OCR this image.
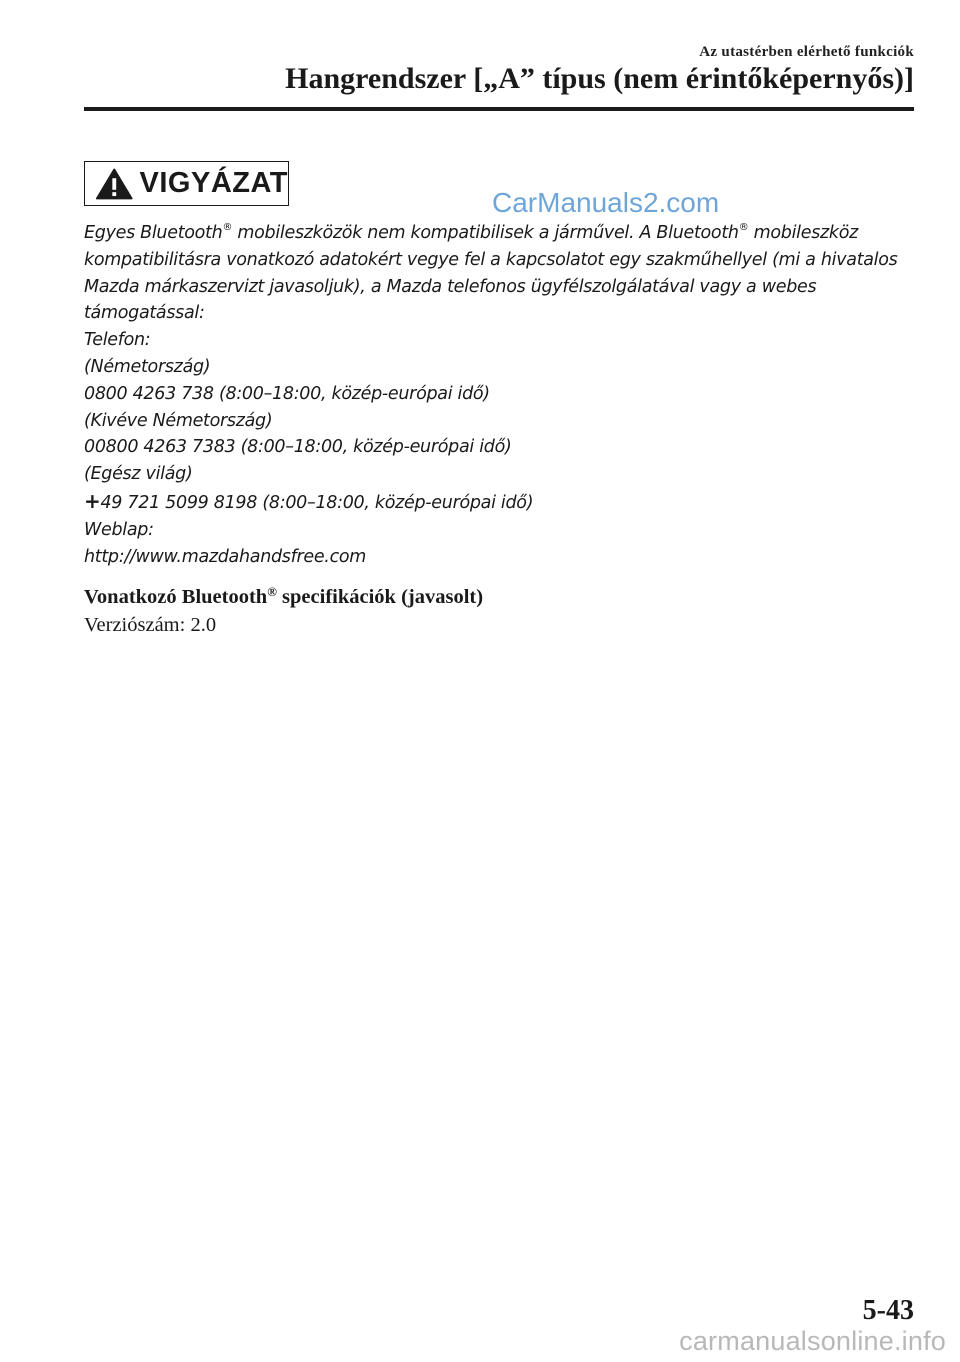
Az utastérben elérhető funkciók
Hangrendszer [„A” típus (nem érintőképernyős)]
VIGYÁZAT
CarManuals2.com

Egyes Bluetooth® mobileszközök nem kompatibilisek a járművel. A Bluetooth® mobileszköz kompatibilitásra vonatkozó adatokért vegye fel a kapcsolatot egy szakműhellyel (mi a hivatalos Mazda márkaszervizt javasoljuk), a Mazda telefonos ügyfélszolgálatával vagy a webes támogatással:

Telefon:

(Németország)

0800 4263 738 (8:00–18:00, közép-európai idő)

(Kivéve Németország)

00800 4263 7383 (8:00–18:00, közép-európai idő)

(Egész világ)

+49 721 5099 8198 (8:00–18:00, közép-európai idő)

Weblap:

http://www.mazdahandsfree.com

Vonatkozó Bluetooth® specifikációk (javasolt)
Verziószám: 2.0
5-43
carmanualsonline.info
